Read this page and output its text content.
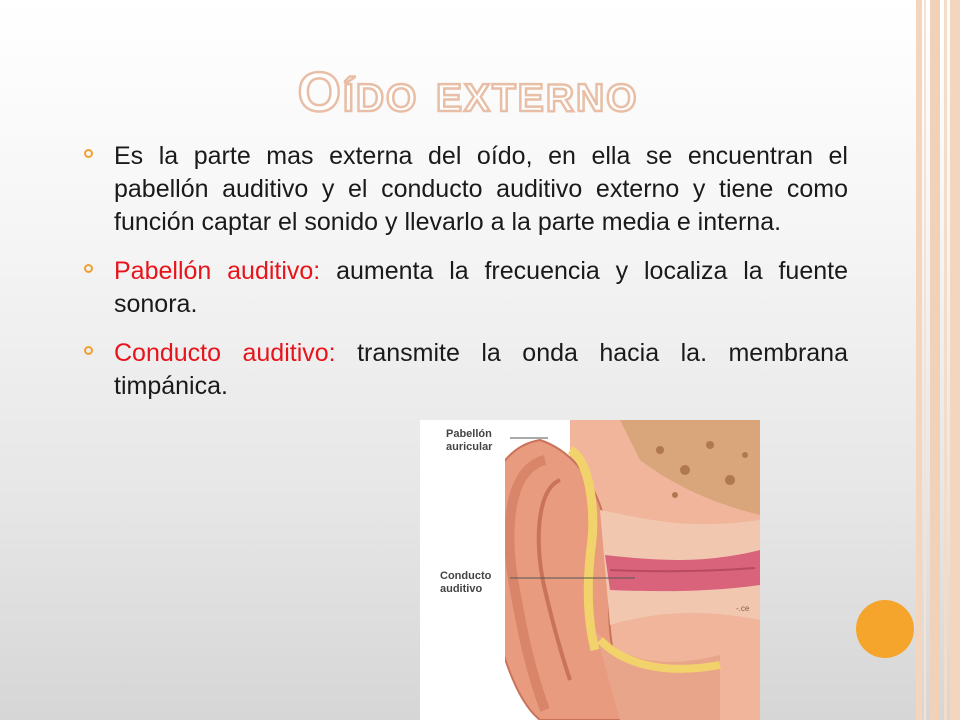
Oído externo
Es la parte mas externa del oído, en ella se encuentran el pabellón auditivo y el conducto auditivo externo y tiene como función captar el sonido y llevarlo a la parte media e interna.
Pabellón auditivo: aumenta la frecuencia y localiza la fuente sonora.
Conducto auditivo: transmite la onda hacia la. membrana timpánica.
Pabellón
auricular
Conducto
auditivo
-.ce
